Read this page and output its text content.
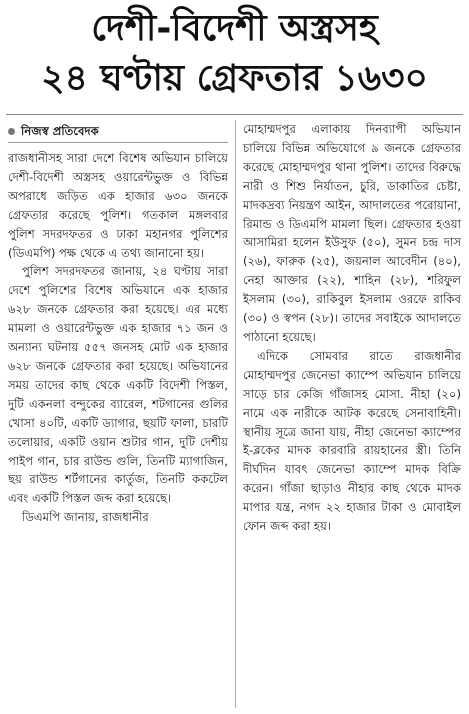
দেশী-বিদেশী অস্ত্রসহ
২৪ ঘণ্টায় গ্রেফতার ১৬৩০
নিজস্ব প্রতিবেদক

রাজধানীসহ সারা দেশে বিশেষ অভিযান চালিয়ে দেশী-বিদেশী অস্ত্রসহ ওয়ারেন্টভুক্ত ও বিভিন্ন অপরাধে জড়িত এক হাজার ৬৩০ জনকে গ্রেফতার করেছে পুলিশ। গতকাল মঙ্গলবার পুলিশ সদরদফতর ও ঢাকা মহানগর পুলিশের (ডিএমপি) পক্ষ থেকে এ তথ্য জানানো হয়।

পুলিশ সদরদফতর জানায়, ২৪ ঘণ্টায় সারা দেশে পুলিশের বিশেষ অভিযানে এক হাজার ৬২৮ জনকে গ্রেফতার করা হয়েছে। এর মধ্যে মামলা ও ওয়ারেন্টভুক্ত এক হাজার ৭১ জন ও অন্যান্য ঘটনায় ৫৫৭ জনসহ মোট এক হাজার ৬২৮ জনকে গ্রেফতার করা হয়েছে। অভিযানের সময় তাদের কাছ থেকে একটি বিদেশী পিস্তল, দুটি একনলা বন্দুকের ব্যারেল, শটগানের গুলির খোসা ৪০টি, একটি ড্যাগার, ছয়টি ফালা, চারটি তলোয়ার, একটি ওয়ান শুটার গান, দুটি দেশীয় পাইপ গান, চার রাউন্ড গুলি, তিনটি ম্যাগাজিন, ছয় রাউন্ড শর্টগানের কার্তুজ, তিনটি ককটেল এবং একটি পিস্তল জব্দ করা হয়েছে।

ডিএমপি জানায়, রাজধানীর

মোহাম্মদপুর এলাকায় দিনব্যাপী অভিযান চালিয়ে বিভিন্ন অভিযোগে ৯ জনকে গ্রেফতার করেছে মোহাম্মদপুর থানা পুলিশ। তাদের বিরুদ্ধে নারী ও শিশু নির্যাতন, চুরি, ডাকাতির চেষ্টা, মাদকদ্রব্য নিয়ন্ত্রণ আইন, আদালতের পরোয়ানা, রিমান্ড ও ডিএমপি মামলা ছিল। গ্রেফতার হওয়া আসামিরা হলেন ইউসুফ (৫০), সুমন চন্দ্র দাস (২৬), ফারুক (২৫), জয়নাল আবেদীন (৪০), নেহা আক্তার (২২), শাহিন (২৮), শরিফুল ইসলাম (৩০), রাকিবুল ইসলাম ওরফে রাকিব (৩০) ও স্বপন (২৮)। তাদের সবাইকে আদালতে পাঠানো হয়েছে।

এদিকে সোমবার রাতে রাজধানীর মোহাম্মদপুর জেনেভা ক্যাম্পে অভিযান চালিয়ে সাড়ে চার কেজি গাঁজাসহ মোসা. নীহা (২০) নামে এক নারীকে আটক করেছে সেনাবাহিনী। স্থানীয় সূত্রে জানা যায়, নীহা জেনেভা ক্যাম্পের ই-ব্লকের মাদক কারবারি রায়হানের স্ত্রী। তিনি দীর্ঘদিন যাবৎ জেনেভা ক্যাম্পে মাদক বিক্রি করেন। গাঁজা ছাড়াও নীহার কাছ থেকে মাদক মাপার যন্ত্র, নগদ ২২ হাজার টাকা ও মোবাইল ফোন জব্দ করা হয়।
